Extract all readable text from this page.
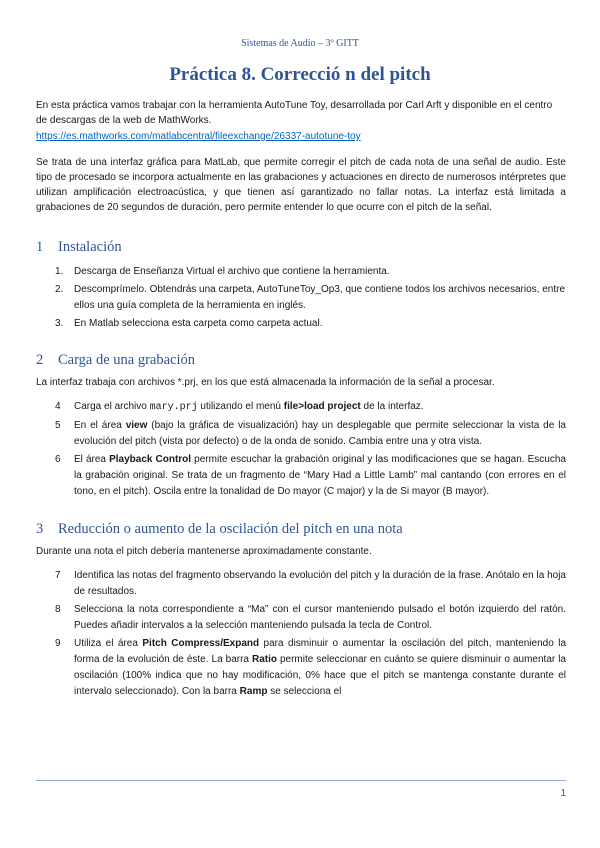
Sistemas de Audio – 3º GITT
Práctica 8. Correcció n del pitch

En esta práctica vamos trabajar con la herramienta AutoTune Toy, desarrollada por Carl Arft y disponible en el centro de descargas de la web de MathWorks.

https://es.mathworks.com/matlabcentral/fileexchange/26337-autotune-toy

Se trata de una interfaz gráfica para MatLab, que permite corregir el pitch de cada nota de una señal de audio. Este tipo de procesado se incorpora actualmente en las grabaciones y actuaciones en directo de numerosos intérpretes que utilizan amplificación electroacústica, y que tienen así garantizado no fallar notas. La interfaz está limitada a grabaciones de 20 segundos de duración, pero permite entender lo que ocurre con el pitch de la señal.

1 Instalación
1. Descarga de Enseñanza Virtual el archivo que contiene la herramienta.
2. Descomprímelo. Obtendrás una carpeta, AutoTuneToy_Op3, que contiene todos los archivos necesarios, entre ellos una guía completa de la herramienta en inglés.
3. En Matlab selecciona esta carpeta como carpeta actual.
2 Carga de una grabación

La interfaz trabaja con archivos *.prj, en los que está almacenada la información de la señal a procesar.

4 Carga el archivo mary.prj utilizando el menú file>load project de la interfaz.
5 En el área view (bajo la gráfica de visualización) hay un desplegable que permite seleccionar la vista de la evolución del pitch (vista por defecto) o de la onda de sonido. Cambia entre una y otra vista.
6 El área Playback Control permite escuchar la grabación original y las modificaciones que se hagan. Escucha la grabación original. Se trata de un fragmento de “Mary Had a Little Lamb” mal cantando (con errores en el tono, en el pitch). Oscila entre la tonalidad de Do mayor (C major) y la de Si mayor (B mayor).
3 Reducción o aumento de la oscilación del pitch en una nota

Durante una nota el pitch debería mantenerse aproximadamente constante.

7 Identifica las notas del fragmento observando la evolución del pitch y la duración de la frase. Anótalo en la hoja de resultados.
8 Selecciona la nota correspondiente a “Ma” con el cursor manteniendo pulsado el botón izquierdo del ratón. Puedes añadir intervalos a la selección manteniendo pulsada la tecla de Control.
9 Utiliza el área Pitch Compress/Expand para disminuir o aumentar la oscilación del pitch, manteniendo la forma de la evolución de éste. La barra Ratio permite seleccionar en cuánto se quiere disminuir o aumentar la oscilación (100% indica que no hay modificación, 0% hace que el pitch se mantenga constante durante el intervalo seleccionado). Con la barra Ramp se selecciona el
1
